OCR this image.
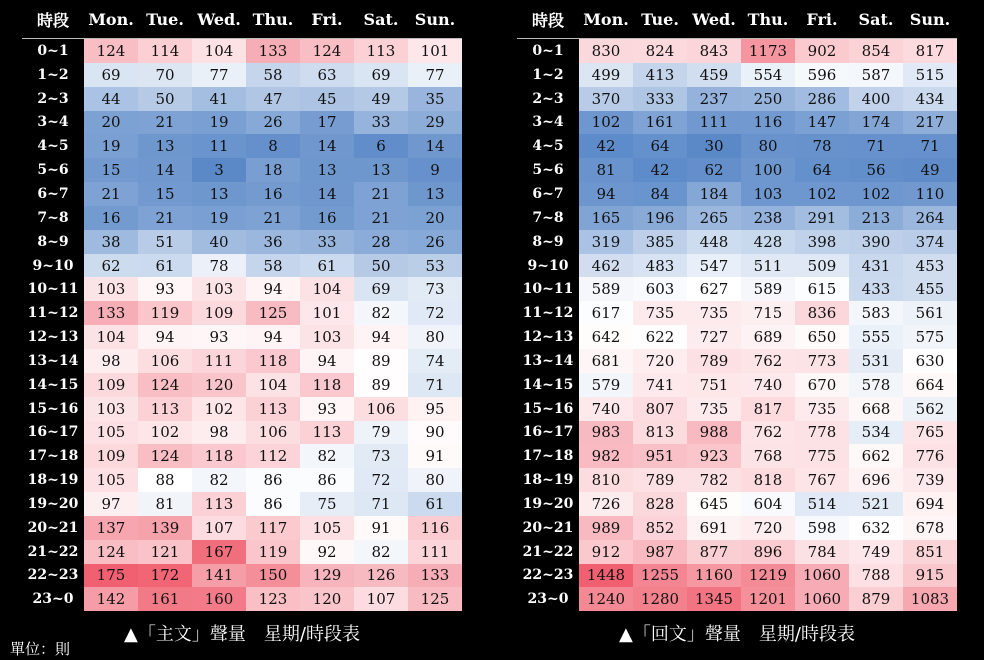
時段	Mon.	Tue.	Wed.	Thu.	Fri.	Sat.	Sun.
0~1	124	114	104	133	124	113	101
1~2	69	70	77	58	63	69	77
2~3	44	50	41	47	45	49	35
3~4	20	21	19	26	17	33	29
4~5	19	13	11	8	14	6	14
5~6	15	14	3	18	13	13	9
6~7	21	15	13	16	14	21	13
7~8	16	21	19	21	16	21	20
8~9	38	51	40	36	33	28	26
9~10	62	61	78	58	61	50	53
10~11	103	93	103	94	104	69	73
11~12	133	119	109	125	101	82	72
12~13	104	94	93	94	103	94	80
13~14	98	106	111	118	94	89	74
14~15	109	124	120	104	118	89	71
15~16	103	113	102	113	93	106	95
16~17	105	102	98	106	113	79	90
17~18	109	124	118	112	82	73	91
18~19	105	88	82	86	86	72	80
19~20	97	81	113	86	75	71	61
20~21	137	139	107	117	105	91	116
21~22	124	121	167	119	92	82	111
22~23	175	172	141	150	129	126	133
23~0	142	161	160	123	120	107	125
▲「主文」聲量　星期/時段表
時段	Mon.	Tue.	Wed.	Thu.	Fri.	Sat.	Sun.
0~1	830	824	843	1173	902	854	817
1~2	499	413	459	554	596	587	515
2~3	370	333	237	250	286	400	434
3~4	102	161	111	116	147	174	217
4~5	42	64	30	80	78	71	71
5~6	81	42	62	100	64	56	49
6~7	94	84	184	103	102	102	110
7~8	165	196	265	238	291	213	264
8~9	319	385	448	428	398	390	374
9~10	462	483	547	511	509	431	453
10~11	589	603	627	589	615	433	455
11~12	617	735	735	715	836	583	561
12~13	642	622	727	689	650	555	575
13~14	681	720	789	762	773	531	630
14~15	579	741	751	740	670	578	664
15~16	740	807	735	817	735	668	562
16~17	983	813	988	762	778	534	765
17~18	982	951	923	768	775	662	776
18~19	810	789	782	818	767	696	739
19~20	726	828	645	604	514	521	694
20~21	989	852	691	720	598	632	678
21~22	912	987	877	896	784	749	851
22~23	1448	1255	1160	1219	1060	788	915
23~0	1240	1280	1345	1201	1060	879	1083
▲「回文」聲量　星期/時段表
單位：則
